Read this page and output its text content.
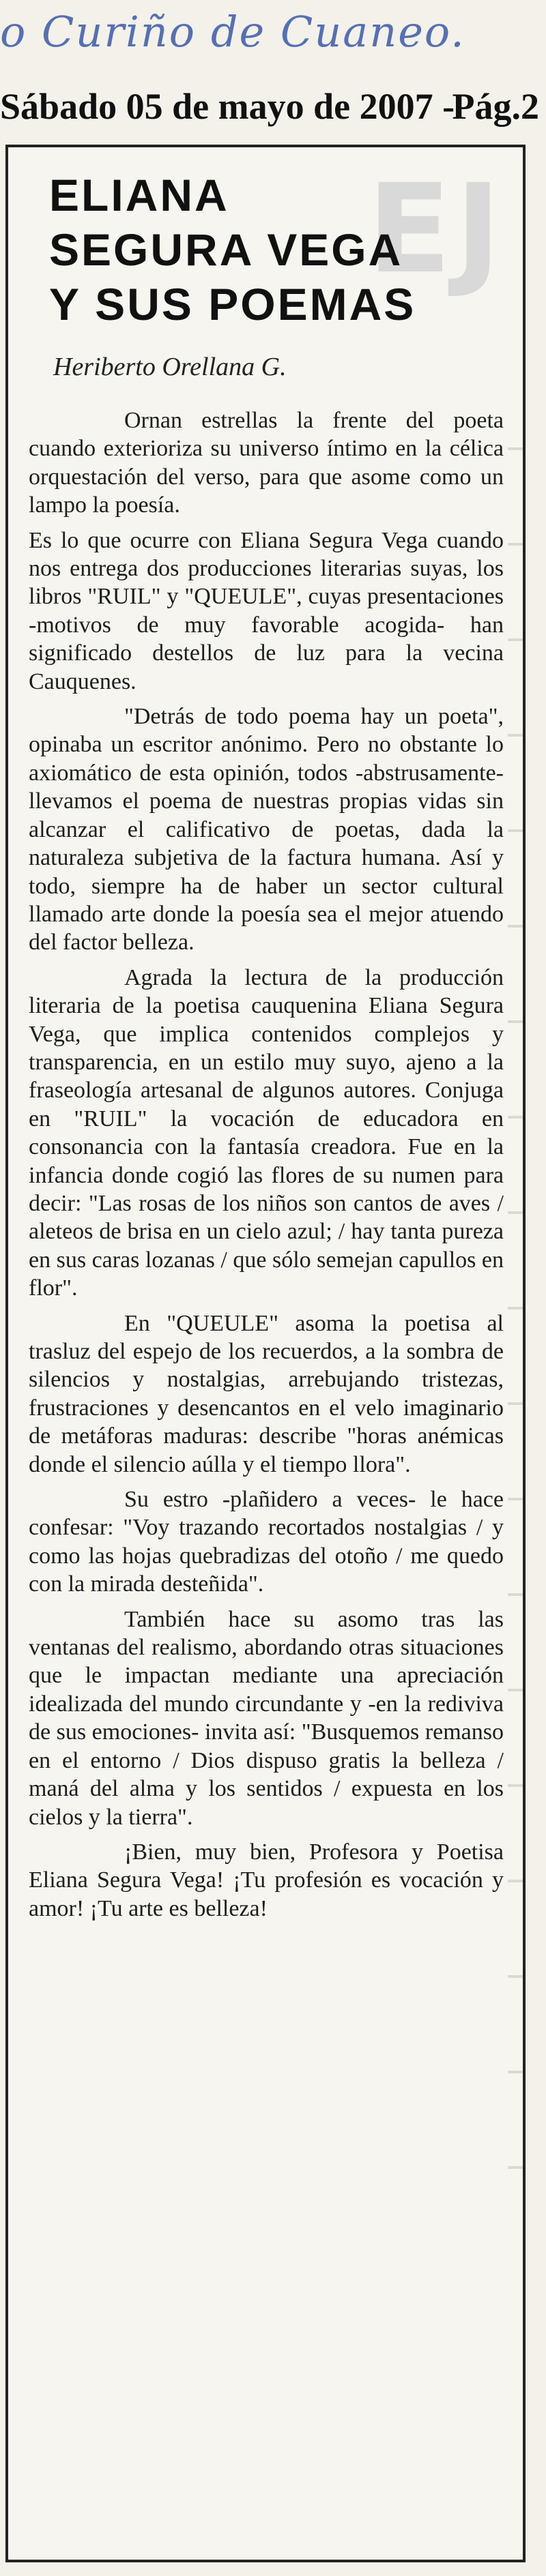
o Curiño de Cuaneo.
Sábado 05 de mayo de 2007 -
Pág.2
EJ
ELIANA
SEGURA VEGA
Y SUS POEMAS
Heriberto Orellana G.

Ornan estrellas la frente del poeta cuando exterioriza su universo íntimo en la célica orquestación del verso, para que asome como un lampo la poesía.

Es lo que ocurre con Eliana Segura Vega cuando nos entrega dos producciones literarias suyas, los libros "RUIL" y "QUEULE", cuyas presentaciones -motivos de muy favorable acogida- han significado destellos de luz para la vecina Cauquenes.

"Detrás de todo poema hay un poeta", opinaba un escritor anónimo. Pero no obstante lo axiomático de esta opinión, todos -abstrusamente- llevamos el poema de nuestras propias vidas sin alcanzar el calificativo de poetas, dada la naturaleza subjetiva de la factura humana. Así y todo, siempre ha de haber un sector cultural llamado arte donde la poesía sea el mejor atuendo del factor belleza.

Agrada la lectura de la producción literaria de la poetisa cauquenina Eliana Segura Vega, que implica contenidos complejos y transparencia, en un estilo muy suyo, ajeno a la fraseología artesanal de algunos autores. Conjuga en "RUIL" la vocación de educadora en consonancia con la fantasía creadora. Fue en la infancia donde cogió las flores de su numen para decir: "Las rosas de los niños son cantos de aves / aleteos de brisa en un cielo azul; / hay tanta pureza en sus caras lozanas / que sólo semejan capullos en flor".

En "QUEULE" asoma la poetisa al trasluz del espejo de los recuerdos, a la sombra de silencios y nostalgias, arrebujando tristezas, frustraciones y desencantos en el velo imaginario de metáforas maduras: describe "horas anémicas donde el silencio aúlla y el tiempo llora".

Su estro -plañidero a veces- le hace confesar: "Voy trazando recortados nostalgias / y como las hojas quebradizas del otoño / me quedo con la mirada desteñida".

También hace su asomo tras las ventanas del realismo, abordando otras situaciones que le impactan mediante una apreciación idealizada del mundo circundante y -en la rediviva de sus emociones- invita así: "Busquemos remanso en el entorno / Dios dispuso gratis la belleza / maná del alma y los sentidos / expuesta en los cielos y la tierra".

¡Bien, muy bien, Profesora y Poetisa Eliana Segura Vega! ¡Tu profesión es vocación y amor! ¡Tu arte es belleza!
